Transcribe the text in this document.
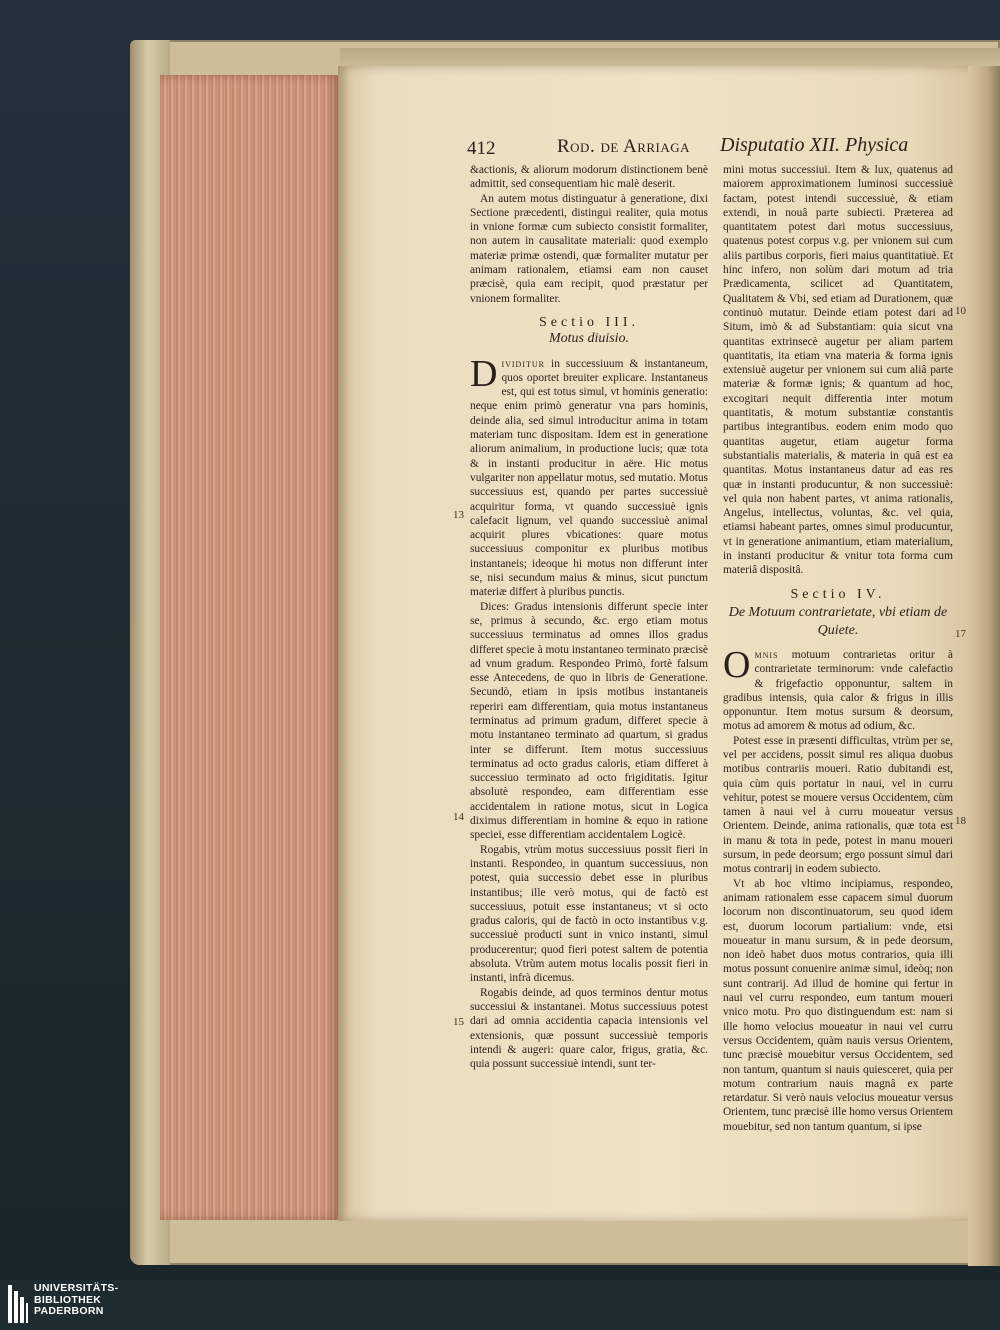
412	Rod. de Arriaga Disputatio XII. Physica

&actionis, & aliorum modorum distinctionem benè admittit, sed consequentiam hic malè deserit.

An autem motus distinguatur à generatione, dixi Sectione præcedenti, distingui realiter, quia motus in vnione formæ cum subiecto consistit formaliter, non autem in causalitate materiali: quod exemplo materiæ primæ ostendi, quæ formaliter mutatur per animam rationalem, etiamsi eam non causet præcisè, quia eam recipit, quod præstatur per vnionem formaliter.

Sectio III.
Motus diuisio.

Dividitur in successiuum & instantaneum, quos oportet breuiter explicare. Instantaneus est, qui est totus simul, vt hominis generatio: neque enim primò generatur vna pars hominis, deinde alia, sed simul introducitur anima in totam materiam tunc dispositam. Idem est in generatione aliorum animalium, in productione lucis; quæ tota & in instanti producitur in aëre. Hic motus vulgariter non appellatur motus, sed mutatio. Motus successiuus est, quando per partes successiuè acquiritur forma, vt quando successiuè ignis calefacit lignum, vel quando successiuè animal acquirit plures vbicationes: quare motus successiuus componitur ex pluribus motibus instantaneis; ideoque hi motus non differunt inter se, nisi secundum maius & minus, sicut punctum materiæ differt à pluribus punctis.

Dices: Gradus intensionis differunt specie inter se, primus à secundo, &c. ergo etiam motus successiuus terminatus ad omnes illos gradus differet specie à motu instantaneo terminato præcisè ad vnum gradum. Respondeo Primò, fortè falsum esse Antecedens, de quo in libris de Generatione. Secundò, etiam in ipsis motibus instantaneis reperiri eam differentiam, quia motus instantaneus terminatus ad primum gradum, differet specie à motu instantaneo terminato ad quartum, si gradus inter se differunt. Item motus successiuus terminatus ad octo gradus caloris, etiam differet à successiuo terminato ad octo frigiditatis. Igitur absolutè respondeo, eam differentiam esse accidentalem in ratione motus, sicut in Logica diximus differentiam in homine & equo in ratione speciei, esse differentiam accidentalem Logicè.

Rogabis, vtrùm motus successiuus possit fieri in instanti. Respondeo, in quantum successiuus, non potest, quia successio debet esse in pluribus instantibus; ille verò motus, qui de factò est successiuus, potuit esse instantaneus; vt si octo gradus caloris, qui de factò in octo instantibus v.g. successiuè producti sunt in vnico instanti, simul producerentur; quod fieri potest saltem de potentia absoluta. Vtrùm autem motus localis possit fieri in instanti, infrà dicemus.

Rogabis deinde, ad quos terminos dentur motus successiui & instantanei. Motus successiuus potest dari ad omnia accidentia capacia intensionis vel extensionis, quæ possunt successiuè temporis intendi & augeri: quare calor, frigus, gratia, &c. quia possunt successiuè intendi, sunt ter-

mini motus successiui. Item & lux, quatenus ad maiorem approximationem luminosi successiuè factam, potest intendi successiuè, & etiam extendi, in nouâ parte subiecti. Præterea ad quantitatem potest dari motus successiuus, quatenus potest corpus v.g. per vnionem sui cum aliis partibus corporis, fieri maius quantitatiuè. Et hinc infero, non solùm dari motum ad tria Prædicamenta, scilicet ad Quantitatem, Qualitatem & Vbi, sed etiam ad Durationem, quæ continuò mutatur. Deinde etiam potest dari ad Situm, imò & ad Substantiam: quia sicut vna quantitas extrinsecè augetur per aliam partem quantitatis, ita etiam vna materia & forma ignis extensiuè augetur per vnionem sui cum aliâ parte materiæ & formæ ignis; & quantum ad hoc, excogitari nequit differentia inter motum quantitatis, & motum substantiæ constantis partibus integrantibus. eodem enim modo quo quantitas augetur, etiam augetur forma substantialis materialis, & materia in quâ est ea quantitas. Motus instantaneus datur ad eas res quæ in instanti producuntur, & non successiuè: vel quia non habent partes, vt anima rationalis, Angelus, intellectus, voluntas, &c. vel quia, etiamsi habeant partes, omnes simul producuntur, vt in generatione animantium, etiam materialium, in instanti producitur & vnitur tota forma cum materiâ dispositâ.

Sectio IV.
De Motuum contrarietate, vbi etiam de Quiete.

Omnis motuum contrarietas oritur à contrarietate terminorum: vnde calefactio & frigefactio opponuntur, saltem in gradibus intensis, quia calor & frigus in illis opponuntur. Item motus sursum & deorsum, motus ad amorem & motus ad odium, &c.

Potest esse in præsenti difficultas, vtrùm per se, vel per accidens, possit simul res aliqua duobus motibus contrariis moueri. Ratio dubitandi est, quia cùm quis portatur in naui, vel in curru vehitur, potest se mouere versus Occidentem, cùm tamen à naui vel à curru moueatur versus Orientem. Deinde, anima rationalis, quæ tota est in manu & tota in pede, potest in manu moueri sursum, in pede deorsum; ergo possunt simul dari motus contrarij in eodem subiecto.

Vt ab hoc vltimo incipiamus, respondeo, animam rationalem esse capacem simul duorum locorum non discontinuatorum, seu quod idem est, duorum locorum partialium: vnde, etsi moueatur in manu sursum, & in pede deorsum, non ideò habet duos motus contrarios, quia illi motus possunt conuenire animæ simul, ideòq; non sunt contrarij. Ad illud de homine qui fertur in naui vel curru respondeo, eum tantum moueri vnico motu. Pro quo distinguendum est: nam si ille homo velocius moueatur in naui vel curru versus Occidentem, quàm nauis versus Orientem, tunc præcisè mouebitur versus Occidentem, sed non tantum, quantum si nauis quiesceret, quia per motum contrarium nauis magnâ ex parte retardatur. Si verò nauis velocius moueatur versus Orientem, tunc præcisè ille homo versus Orientem mouebitur, sed non tantum quantum, si ipse

13
14
15
10
17
18
UNIVERSITÄTS-
BIBLIOTHEK
PADERBORN
